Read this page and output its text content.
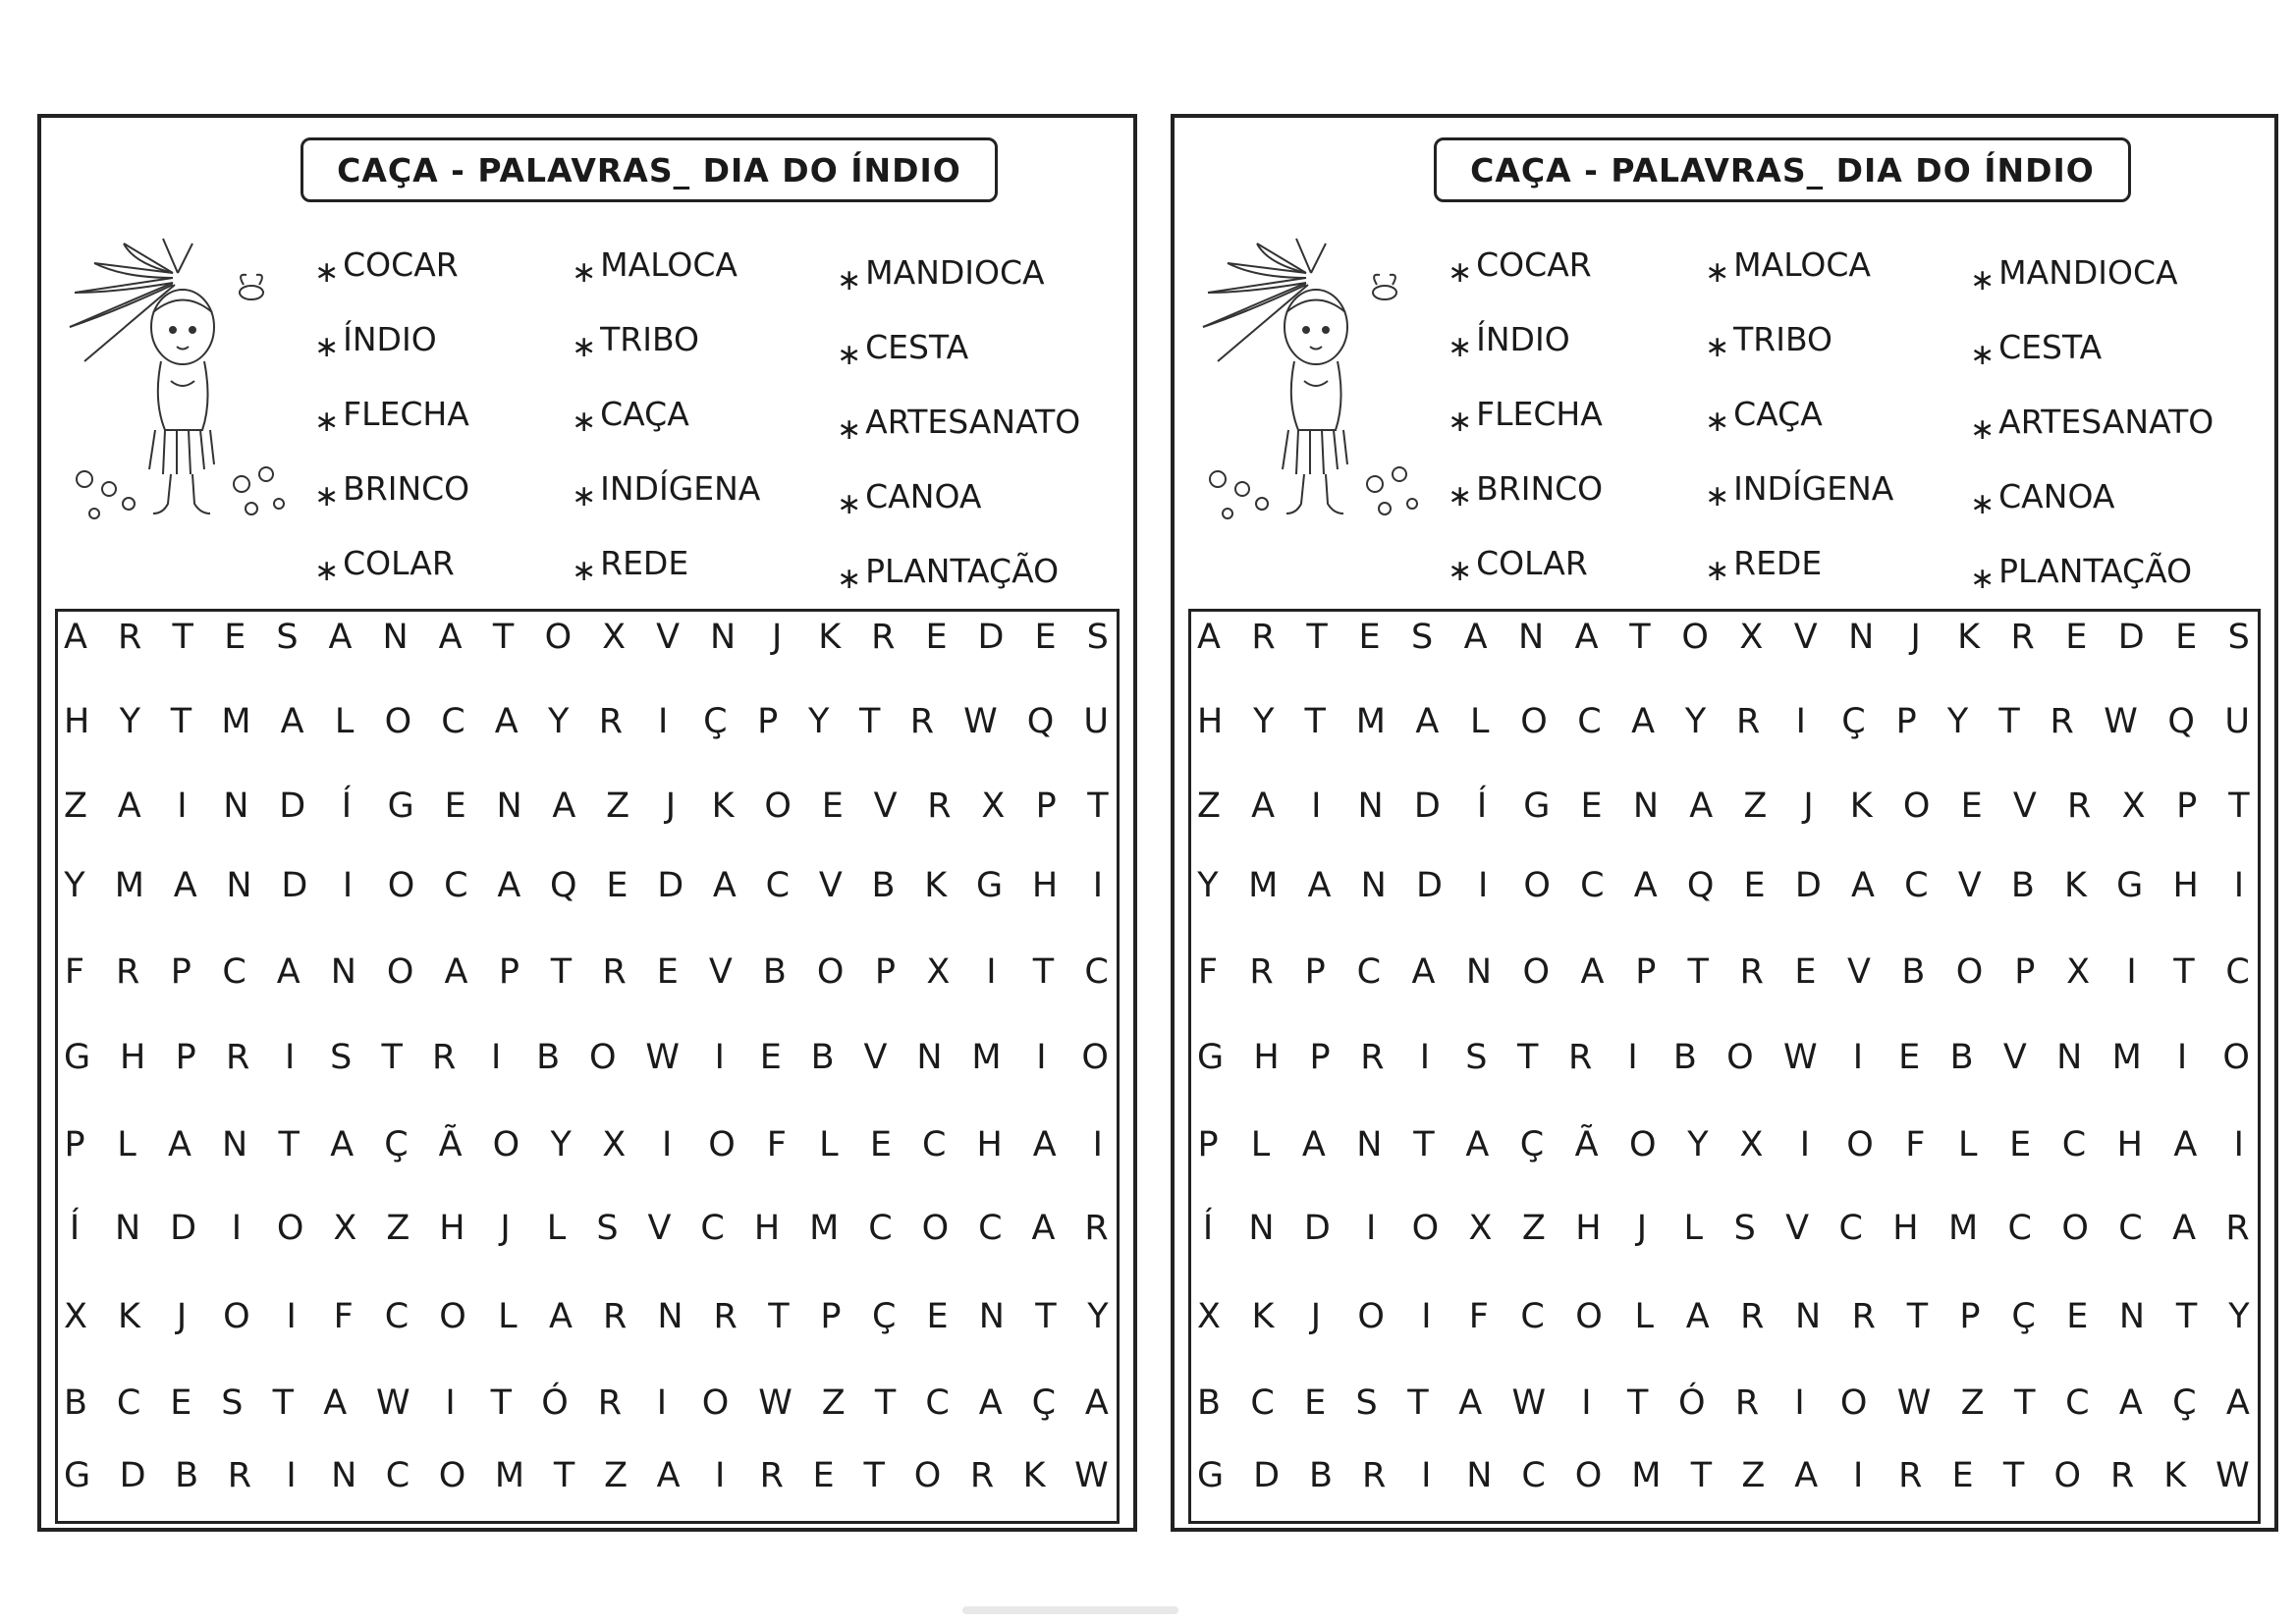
CAÇA - PALAVRAS_ DIA DO ÍNDIO
∗ COCAR
∗ ÍNDIO
∗ FLECHA
∗ BRINCO
∗ COLAR
∗ MALOCA
∗ TRIBO
∗ CAÇA
∗ INDÍGENA
∗ REDE
∗ MANDIOCA
∗ CESTA
∗ ARTESANATO
∗ CANOA
∗ PLANTAÇÃO
A R T E S A N A T O X V N J K R E D E S
H Y T M A L O C A Y R I Ç P Y T R W Q U
Z A I N D Í G E N A Z J K O E V R X P T
Y M A N D I O C A Q E D A C V B K G H I
F R P C A N O A P T R E V B O P X I T C
G H P R I S T R I B O W I E B V N M I O
P L A N T A Ç Ã O Y X I O F L E C H A I
Í N D I O X Z H J L S V C H M C O C A R
X K J O I F C O L A R N R T P Ç E N T Y
B C E S T A W I T Ó R I O W Z T C A Ç A
G D B R I N C O M T Z A I R E T O R K W
CAÇA - PALAVRAS_ DIA DO ÍNDIO
∗ COCAR
∗ ÍNDIO
∗ FLECHA
∗ BRINCO
∗ COLAR
∗ MALOCA
∗ TRIBO
∗ CAÇA
∗ INDÍGENA
∗ REDE
∗ MANDIOCA
∗ CESTA
∗ ARTESANATO
∗ CANOA
∗ PLANTAÇÃO
A R T E S A N A T O X V N J K R E D E S
H Y T M A L O C A Y R I Ç P Y T R W Q U
Z A I N D Í G E N A Z J K O E V R X P T
Y M A N D I O C A Q E D A C V B K G H I
F R P C A N O A P T R E V B O P X I T C
G H P R I S T R I B O W I E B V N M I O
P L A N T A Ç Ã O Y X I O F L E C H A I
Í N D I O X Z H J L S V C H M C O C A R
X K J O I F C O L A R N R T P Ç E N T Y
B C E S T A W I T Ó R I O W Z T C A Ç A
G D B R I N C O M T Z A I R E T O R K W
